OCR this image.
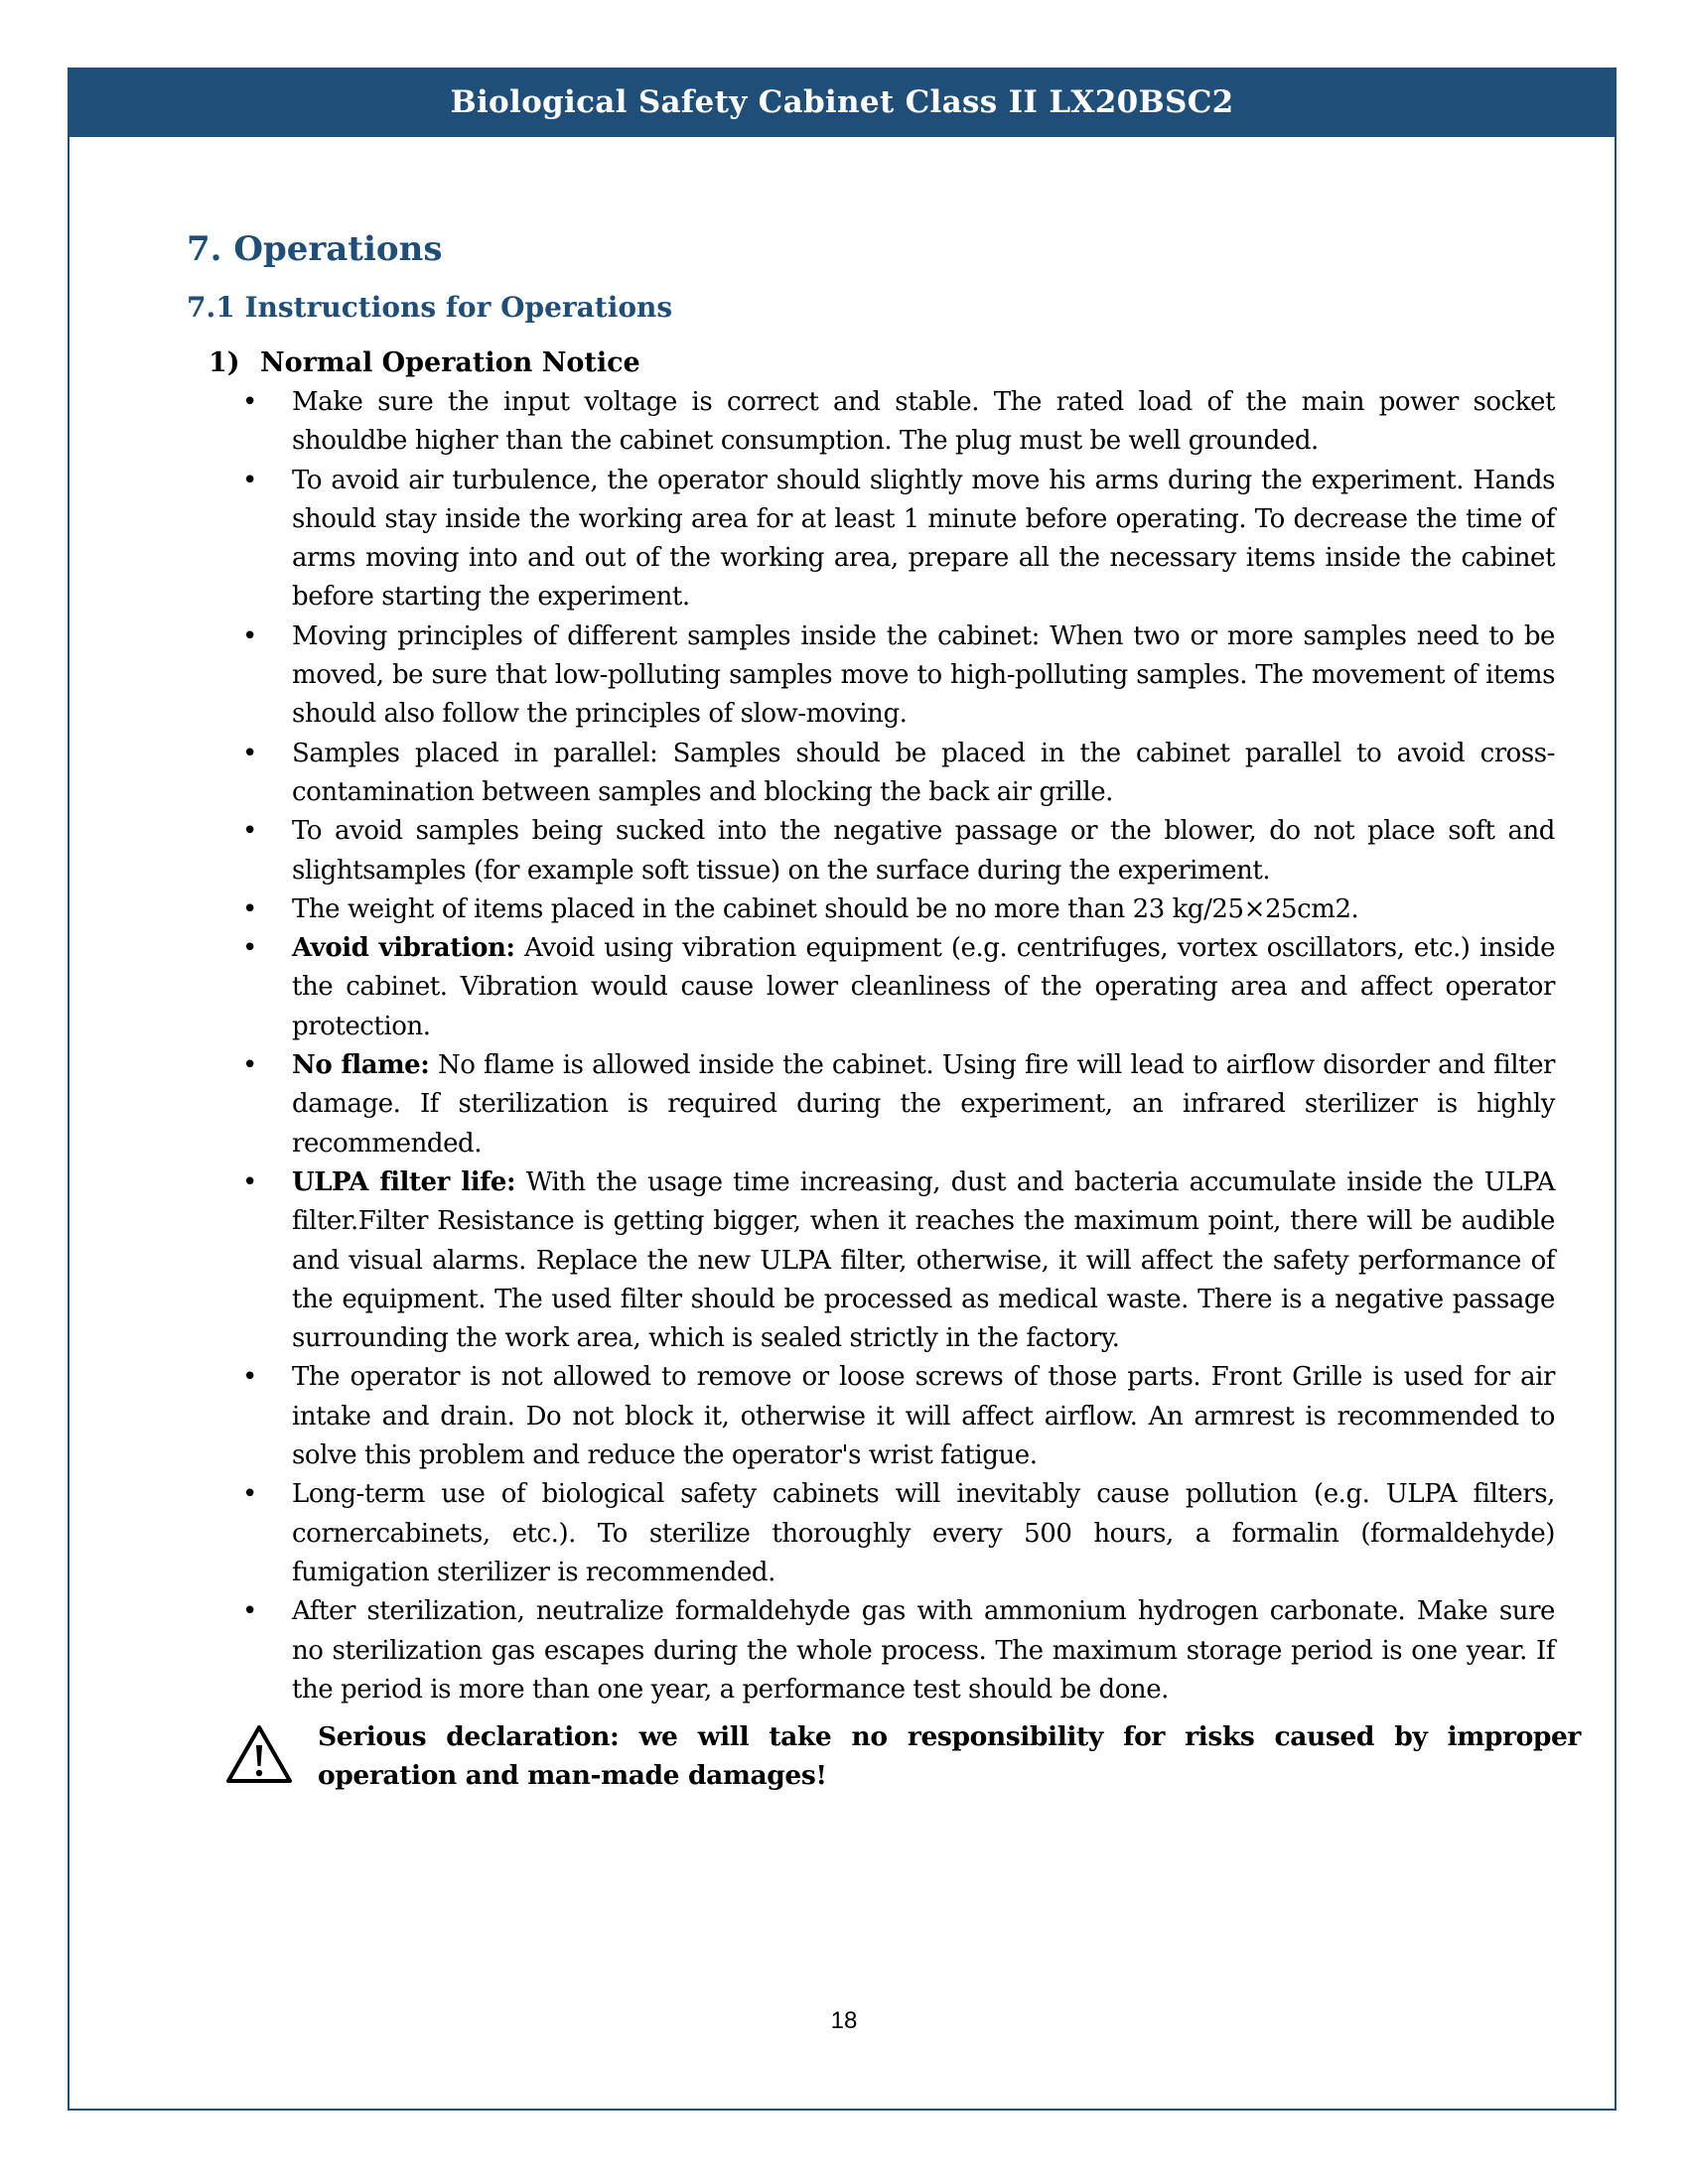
Biological Safety Cabinet Class II LX20BSC2
7. Operations
7.1 Instructions for Operations
1) Normal Operation Notice
• Make sure the input voltage is correct and stable. The rated load of the main power socket shouldbe higher than the cabinet consumption. The plug must be well grounded.
• To avoid air turbulence, the operator should slightly move his arms during the experiment. Hands should stay inside the working area for at least 1 minute before operating. To decrease the time of arms moving into and out of the working area, prepare all the necessary items inside the cabinet before starting the experiment.
• Moving principles of different samples inside the cabinet: When two or more samples need to be moved, be sure that low-polluting samples move to high-polluting samples. The movement of items should also follow the principles of slow-moving.
• Samples placed in parallel: Samples should be placed in the cabinet parallel to avoid cross-contamination between samples and blocking the back air grille.
• To avoid samples being sucked into the negative passage or the blower, do not place soft and slightsamples (for example soft tissue) on the surface during the experiment.
• The weight of items placed in the cabinet should be no more than 23 kg/25×25cm2.
• Avoid vibration: Avoid using vibration equipment (e.g. centrifuges, vortex oscillators, etc.) inside the cabinet. Vibration would cause lower cleanliness of the operating area and affect operator protection.
• No flame: No flame is allowed inside the cabinet. Using fire will lead to airflow disorder and filter damage. If sterilization is required during the experiment, an infrared sterilizer is highly recommended.
• ULPA filter life: With the usage time increasing, dust and bacteria accumulate inside the ULPA filter.Filter Resistance is getting bigger, when it reaches the maximum point, there will be audible and visual alarms. Replace the new ULPA filter, otherwise, it will affect the safety performance of the equipment. The used filter should be processed as medical waste. There is a negative passage surrounding the work area, which is sealed strictly in the factory.
• The operator is not allowed to remove or loose screws of those parts. Front Grille is used for air intake and drain. Do not block it, otherwise it will affect airflow. An armrest is recommended to solve this problem and reduce the operator's wrist fatigue.
• Long-term use of biological safety cabinets will inevitably cause pollution (e.g. ULPA filters, cornercabinets, etc.). To sterilize thoroughly every 500 hours, a formalin (formaldehyde) fumigation sterilizer is recommended.
• After sterilization, neutralize formaldehyde gas with ammonium hydrogen carbonate. Make sure no sterilization gas escapes during the whole process. The maximum storage period is one year. If the period is more than one year, a performance test should be done.
Serious declaration: we will take no responsibility for risks caused by improper operation and man-made damages!
18
